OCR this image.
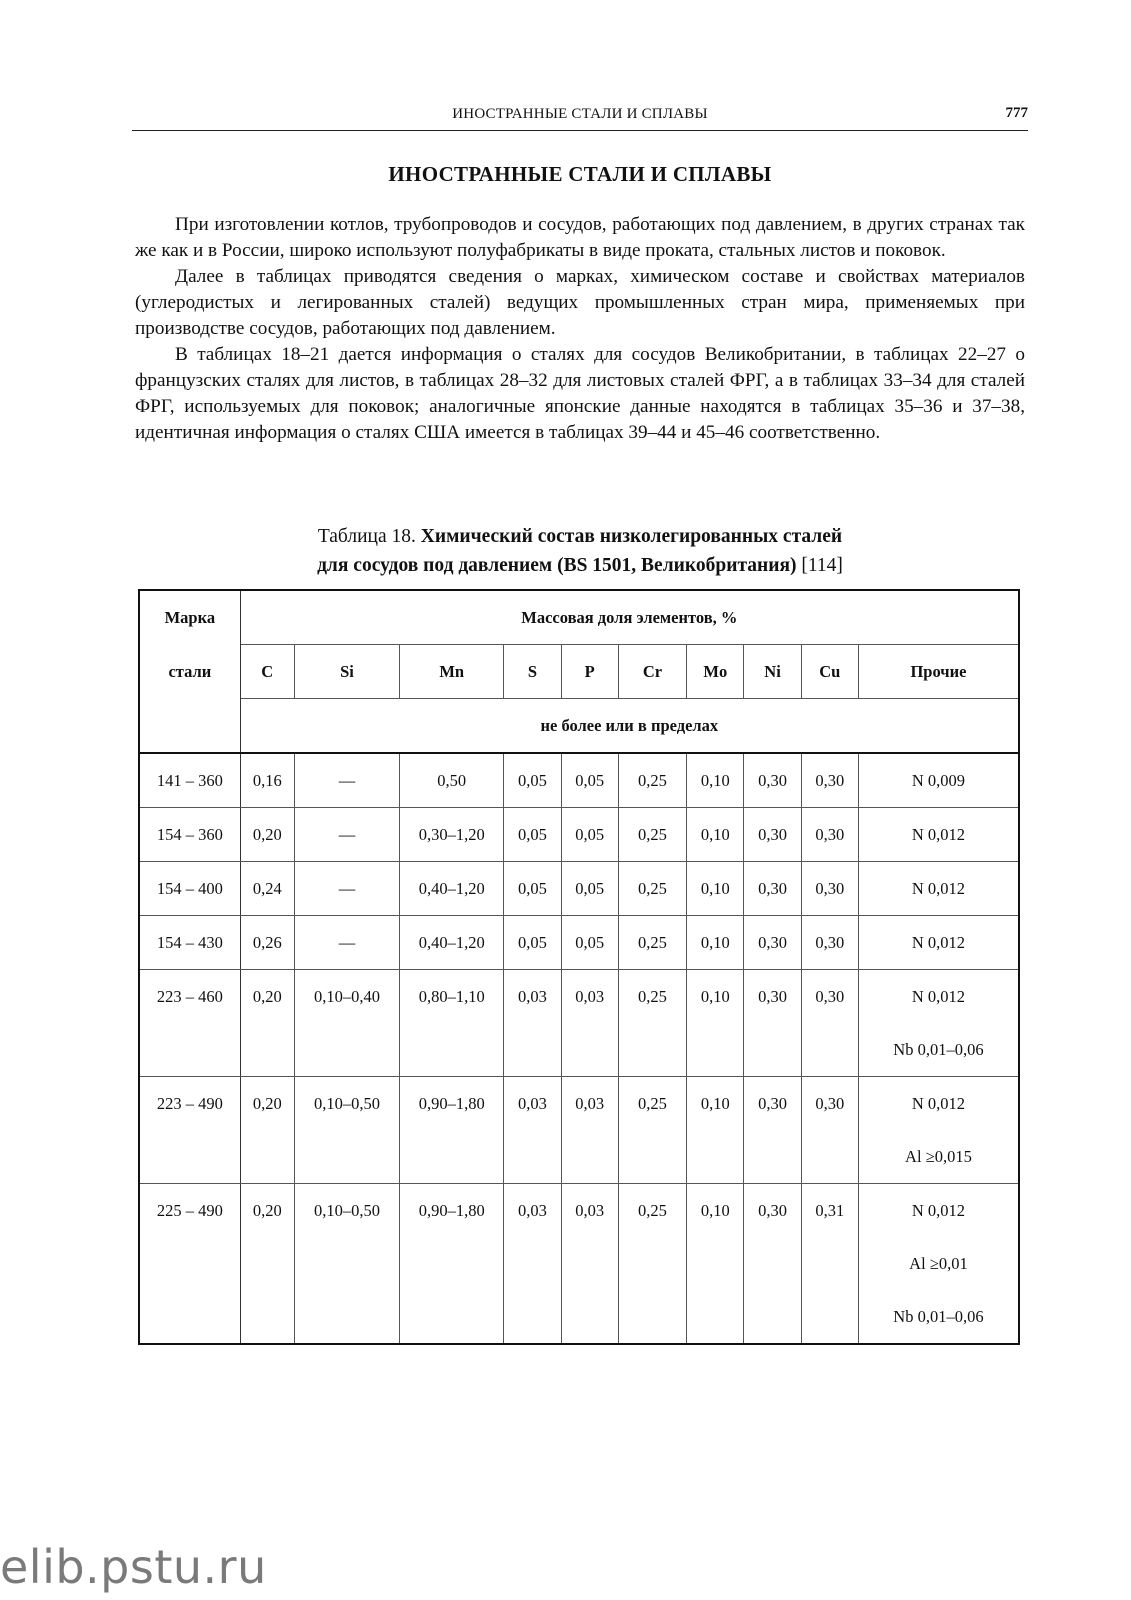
ИНОСТРАННЫЕ СТАЛИ И СПЛАВЫ	777
ИНОСТРАННЫЕ СТАЛИ И СПЛАВЫ

При изготовлении котлов, трубопроводов и сосудов, работающих под давлением, в других странах так же как и в России, широко используют полуфабрикаты в виде проката, стальных листов и поковок.

Далее в таблицах приводятся сведения о марках, химическом составе и свойствах материалов (углеродистых и легированных сталей) ведущих промышленных стран мира, применяемых при производстве сосудов, работающих под давлением.

В таблицах 18–21 дается информация о сталях для сосудов Великобритании, в таблицах 22–27 о французских сталях для листов, в таблицах 28–32 для листовых сталей ФРГ, а в таблицах 33–34 для сталей ФРГ, используемых для поковок; аналогичные японские данные находятся в таблицах 35–36 и 37–38, идентичная информация о сталях США имеется в таблицах 39–44 и 45–46 соответственно.

Таблица 18. Химический состав низколегированных сталей
для сосудов под давлением (BS 1501, Великобритания) [114]
Марка	Массовая доля элементов, %									
стали	C	Si	Mn	S	P	Cr	Mo	Ni	Cu	Прочие
	не более или в пределах									
141 – 360	0,16	—	0,50	0,05	0,05	0,25	0,10	0,30	0,30	N 0,009

154 – 360	0,20	—	0,30–1,20	0,05	0,05	0,25	0,10	0,30	0,30	N 0,012

154 – 400	0,24	—	0,40–1,20	0,05	0,05	0,25	0,10	0,30	0,30	N 0,012

154 – 430	0,26	—	0,40–1,20	0,05	0,05	0,25	0,10	0,30	0,30	N 0,012

223 – 460	0,20	0,10–0,40	0,80–1,10	0,03	0,03	0,25	0,10	0,30	0,30	N 0,012
Nb 0,01–0,06

223 – 490	0,20	0,10–0,50	0,90–1,80	0,03	0,03	0,25	0,10	0,30	0,30	N 0,012
Al ≥0,015

225 – 490	0,20	0,10–0,50	0,90–1,80	0,03	0,03	0,25	0,10	0,30	0,31	N 0,012
Al ≥0,01
Nb 0,01–0,06
elib.pstu.ru
